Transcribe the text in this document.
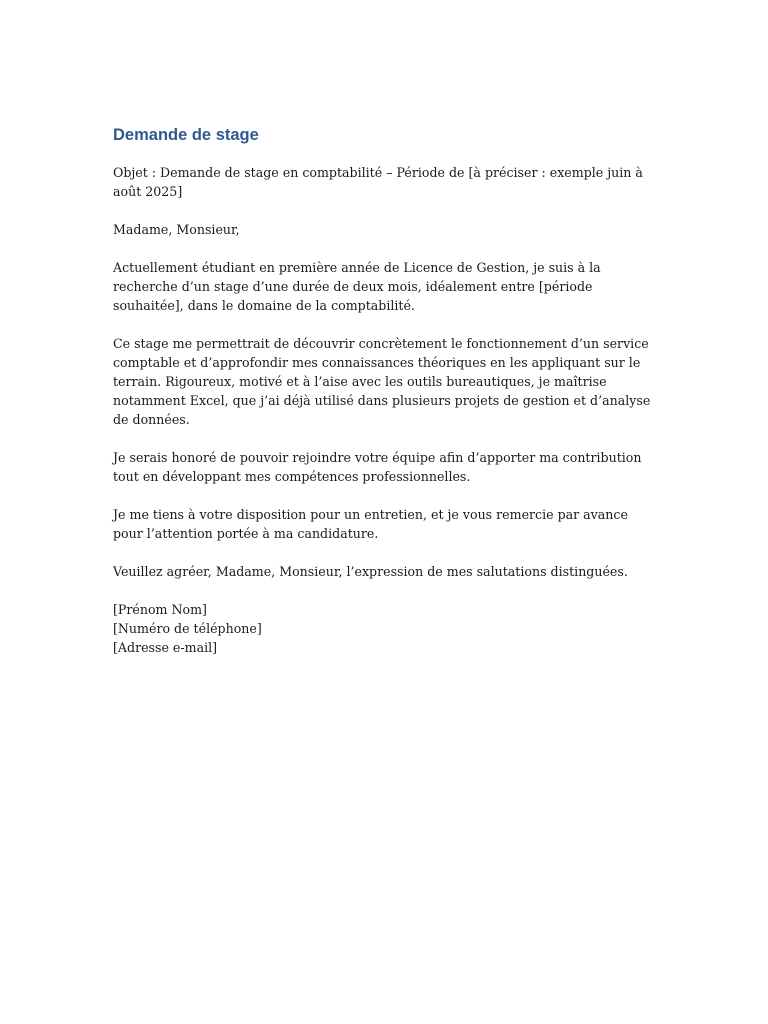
Demande de stage

Objet : Demande de stage en comptabilité – Période de [à préciser : exemple juin à août 2025]

Madame, Monsieur,

Actuellement étudiant en première année de Licence de Gestion, je suis à la recherche d’un stage d’une durée de deux mois, idéalement entre [période souhaitée], dans le domaine de la comptabilité.

Ce stage me permettrait de découvrir concrètement le fonctionnement d’un service comptable et d’approfondir mes connaissances théoriques en les appliquant sur le terrain. Rigoureux, motivé et à l’aise avec les outils bureautiques, je maîtrise notamment Excel, que j’ai déjà utilisé dans plusieurs projets de gestion et d’analyse de données.

Je serais honoré de pouvoir rejoindre votre équipe afin d’apporter ma contribution tout en développant mes compétences professionnelles.

Je me tiens à votre disposition pour un entretien, et je vous remercie par avance pour l’attention portée à ma candidature.

Veuillez agréer, Madame, Monsieur, l’expression de mes salutations distinguées.

[Prénom Nom]

[Numéro de téléphone]

[Adresse e-mail]
